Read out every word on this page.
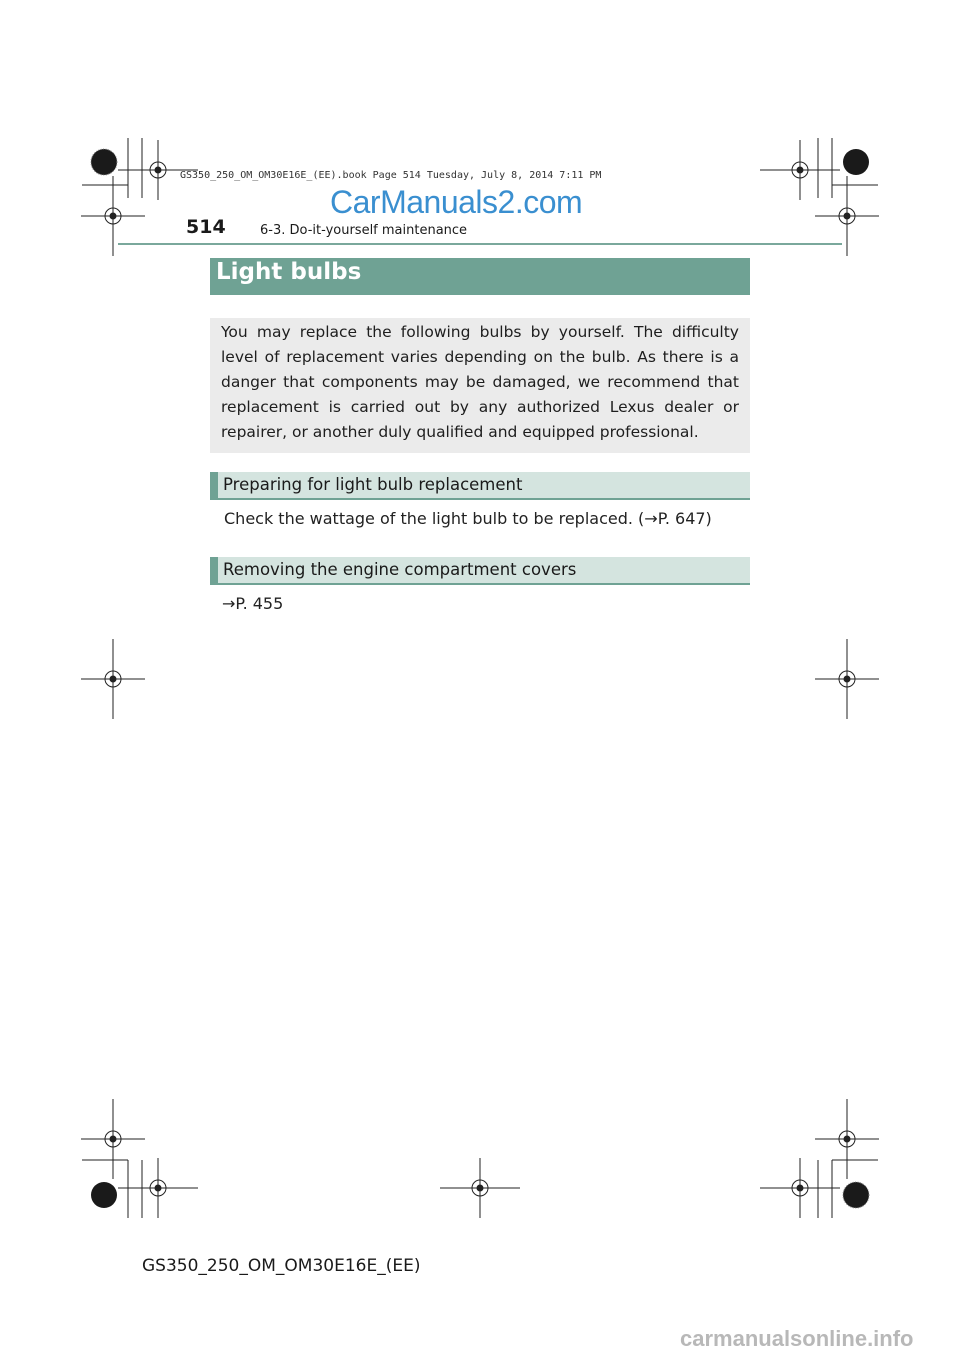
GS350_250_OM_OM30E16E_(EE).book Page 514 Tuesday, July 8, 2014 7:11 PM
CarManuals2.com
514	6-3. Do-it-yourself maintenance
Light bulbs
You may replace the following bulbs by yourself. The difficulty level of replacement varies depending on the bulb. As there is a danger that components may be damaged, we recommend that replacement is carried out by any authorized Lexus dealer or repairer, or another duly qualified and equipped professional.
Preparing for light bulb replacement
Check the wattage of the light bulb to be replaced. (→P. 647)
Removing the engine compartment covers
→P. 455
GS350_250_OM_OM30E16E_(EE)
carmanualsonline.info
